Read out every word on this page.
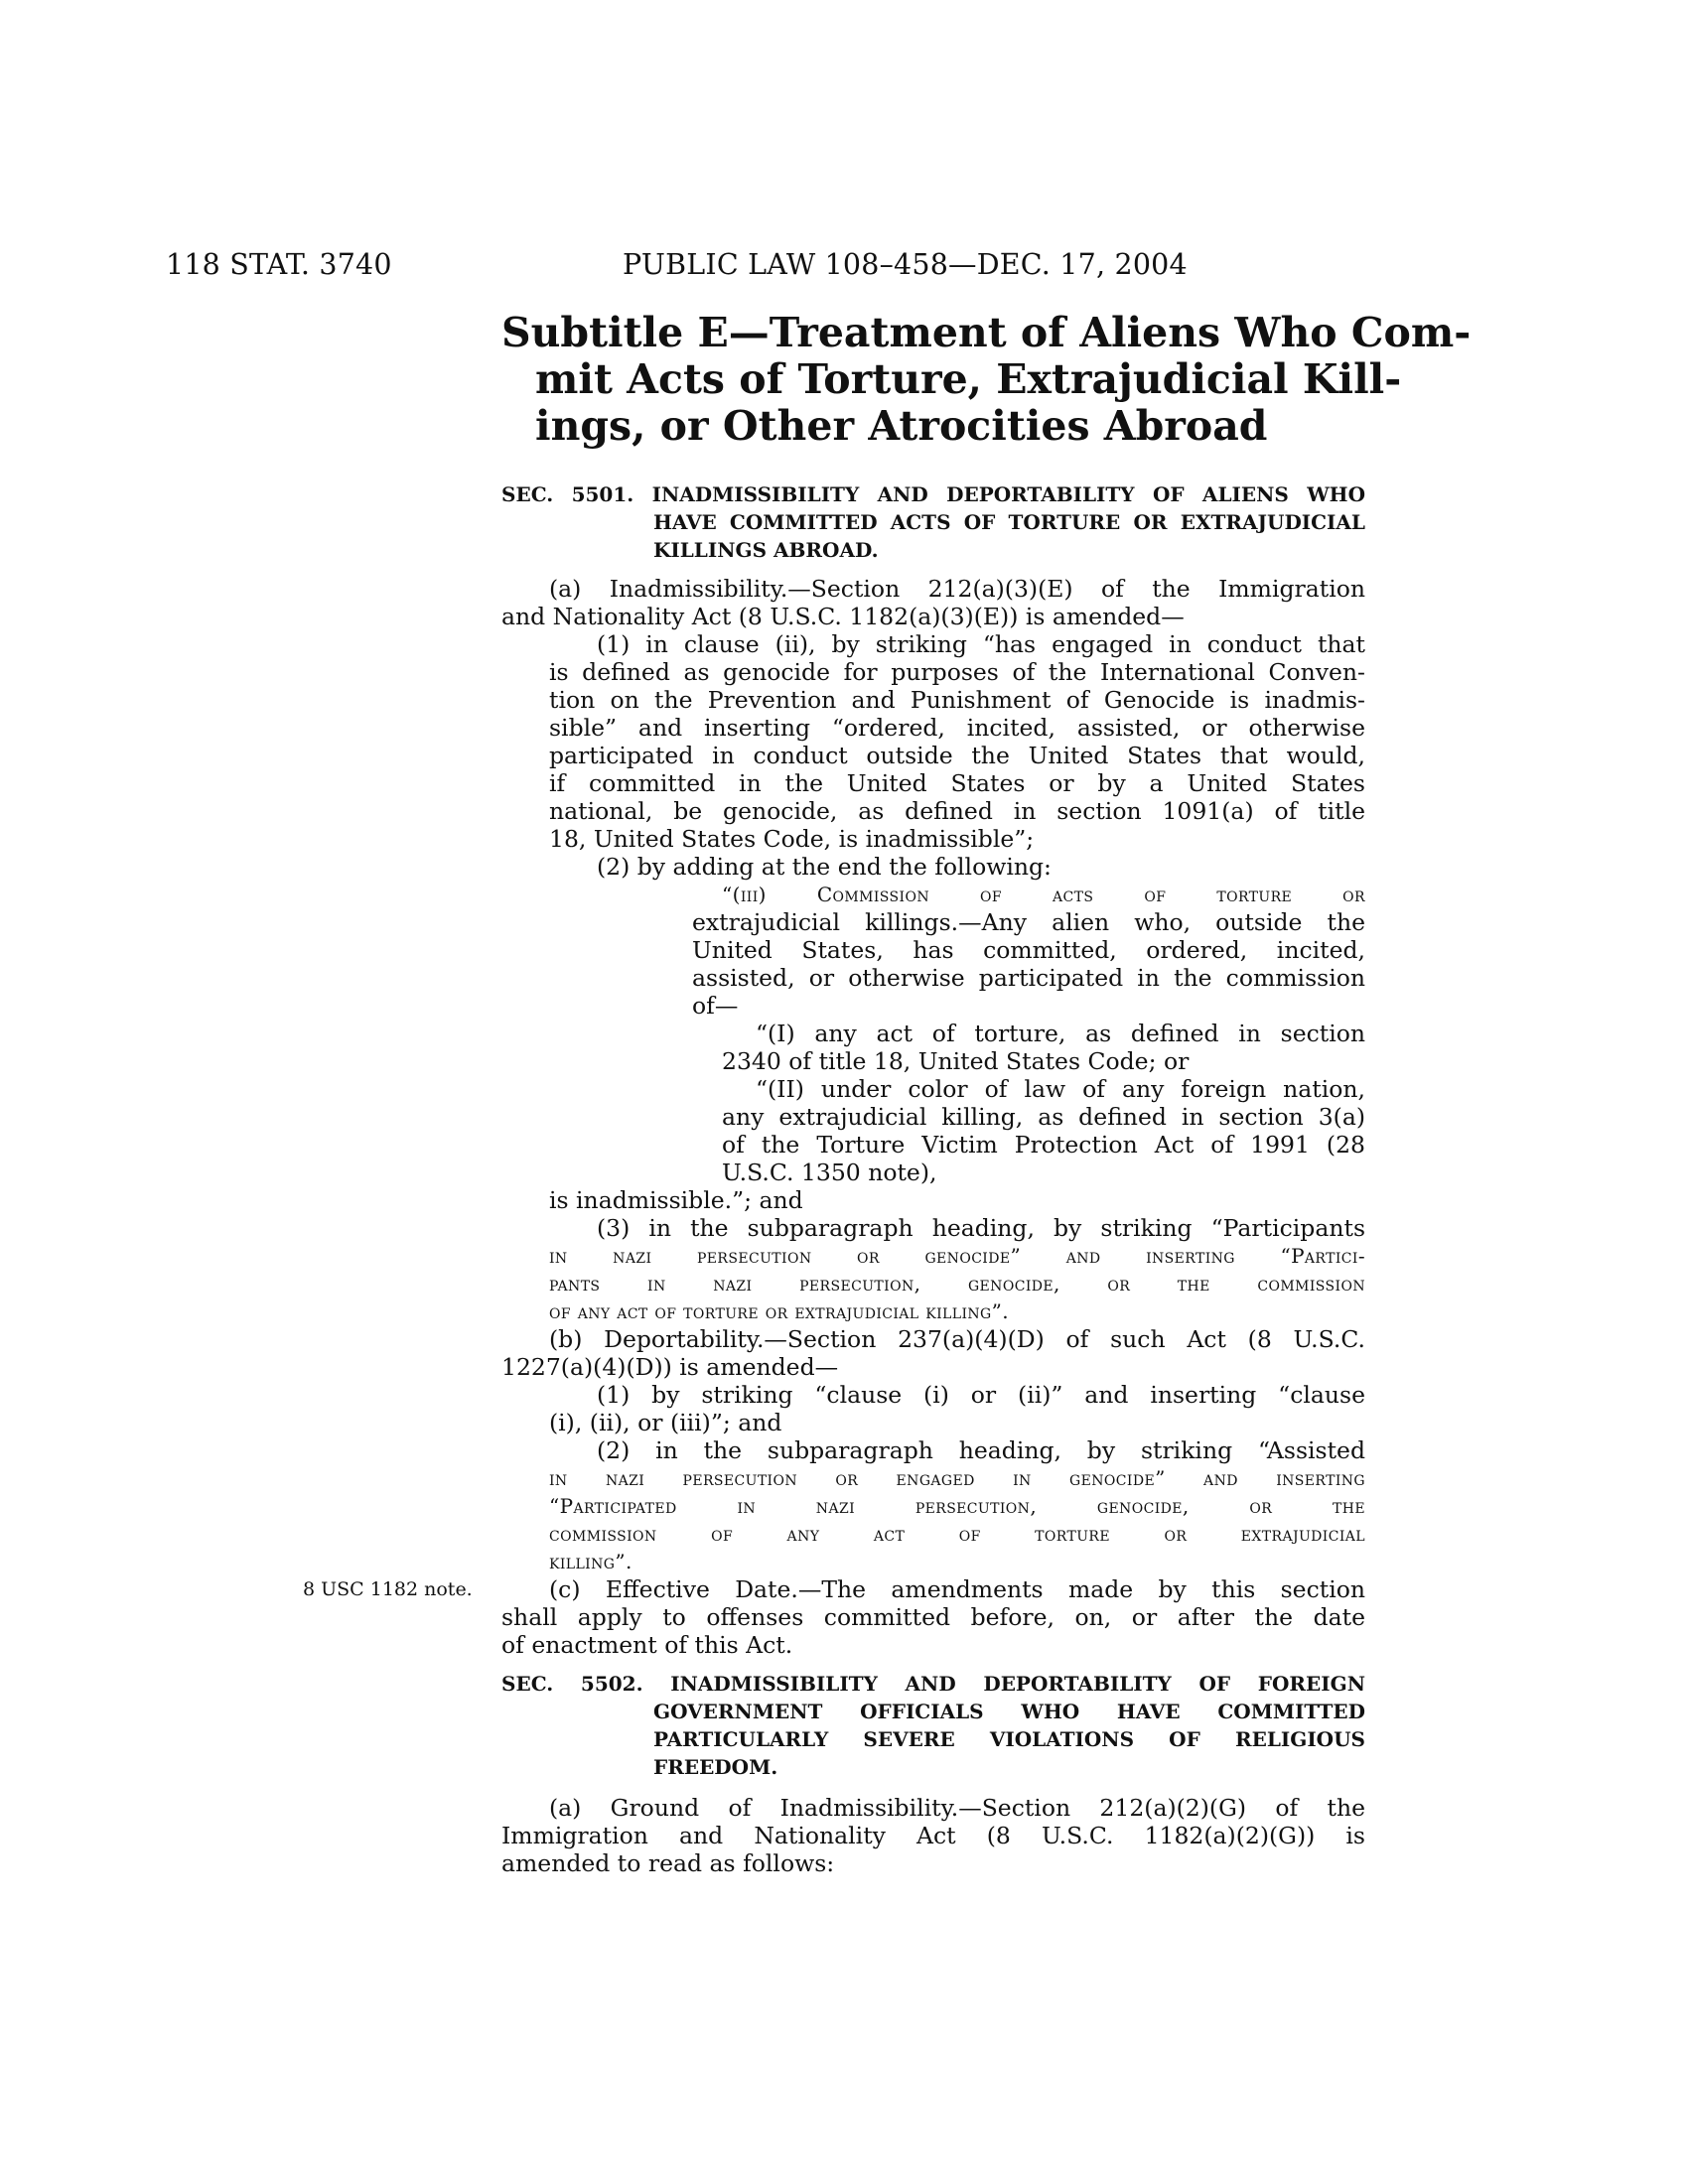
118 STAT. 3740	PUBLIC LAW 108–458—DEC. 17, 2004
Subtitle E—Treatment of Aliens Who Com-
mit Acts of Torture, Extrajudicial Kill-
ings, or Other Atrocities Abroad
SEC. 5501. INADMISSIBILITY AND DEPORTABILITY OF ALIENS WHO
HAVE COMMITTED ACTS OF TORTURE OR EXTRAJUDICIAL
KILLINGS ABROAD.
(a) Inadmissibility.—Section 212(a)(3)(E) of the Immigration
and Nationality Act (8 U.S.C. 1182(a)(3)(E)) is amended—
(1) in clause (ii), by striking “has engaged in conduct that
is defined as genocide for purposes of the International Conven-
tion on the Prevention and Punishment of Genocide is inadmis-
sible” and inserting “ordered, incited, assisted, or otherwise
participated in conduct outside the United States that would,
if committed in the United States or by a United States
national, be genocide, as defined in section 1091(a) of title
18, United States Code, is inadmissible”;
(2) by adding at the end the following:
“(iii) Commission of acts of torture or
extrajudicial killings.—Any alien who, outside the
United States, has committed, ordered, incited,
assisted, or otherwise participated in the commission
of—
“(I) any act of torture, as defined in section
2340 of title 18, United States Code; or
“(II) under color of law of any foreign nation,
any extrajudicial killing, as defined in section 3(a)
of the Torture Victim Protection Act of 1991 (28
U.S.C. 1350 note),
is inadmissible.”; and
(3) in the subparagraph heading, by striking “Participants
in nazi persecution or genocide” and inserting “Partici-
pants in nazi persecution, genocide, or the commission
of any act of torture or extrajudicial killing”.
(b) Deportability.—Section 237(a)(4)(D) of such Act (8 U.S.C.
1227(a)(4)(D)) is amended—
(1) by striking “clause (i) or (ii)” and inserting “clause
(i), (ii), or (iii)”; and
(2) in the subparagraph heading, by striking “Assisted
in nazi persecution or engaged in genocide” and inserting
“Participated in nazi persecution, genocide, or the
commission of any act of torture or extrajudicial
killing”.
(c) Effective Date.—The amendments made by this section
shall apply to offenses committed before, on, or after the date
of enactment of this Act.
8 USC 1182 note.
SEC. 5502. INADMISSIBILITY AND DEPORTABILITY OF FOREIGN
GOVERNMENT OFFICIALS WHO HAVE COMMITTED
PARTICULARLY SEVERE VIOLATIONS OF RELIGIOUS
FREEDOM.
(a) Ground of Inadmissibility.—Section 212(a)(2)(G) of the
Immigration and Nationality Act (8 U.S.C. 1182(a)(2)(G)) is
amended to read as follows:
